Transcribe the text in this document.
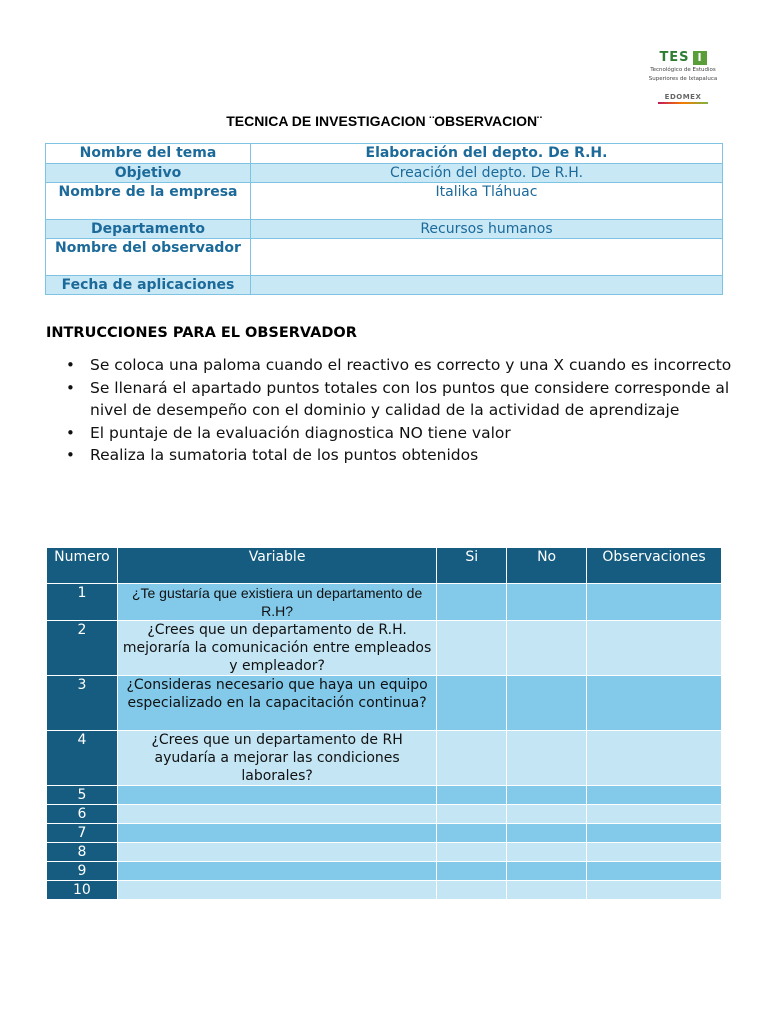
TES I
Tecnológico de Estudios
Superiores de Ixtapaluca
EDOMEX
TECNICA DE INVESTIGACION ¨OBSERVACION¨
Nombre del tema	Elaboración del depto. De R.H.
Objetivo	Creación del depto. De R.H.
Nombre de la empresa	Italika Tláhuac
Departamento	Recursos humanos
Nombre del observador	
Fecha de aplicaciones	
INTRUCCIONES PARA EL OBSERVADOR
• Se coloca una paloma cuando el reactivo es correcto y una X cuando es incorrecto
• Se llenará el apartado puntos totales con los puntos que considere corresponde al nivel de desempeño con el dominio y calidad de la actividad de aprendizaje
• El puntaje de la evaluación diagnostica NO tiene valor
• Realiza la sumatoria total de los puntos obtenidos
Numero	Variable	Si	No	Observaciones
1	¿Te gustaría que existiera un departamento de R.H?			
2	¿Crees que un departamento de R.H. mejoraría la comunicación entre empleados y empleador?			
3	¿Consideras necesario que haya un equipo especializado en la capacitación continua?			
4	¿Crees que un departamento de RH ayudaría a mejorar las condiciones laborales?			
5				
6				
7				
8				
9				
10				
